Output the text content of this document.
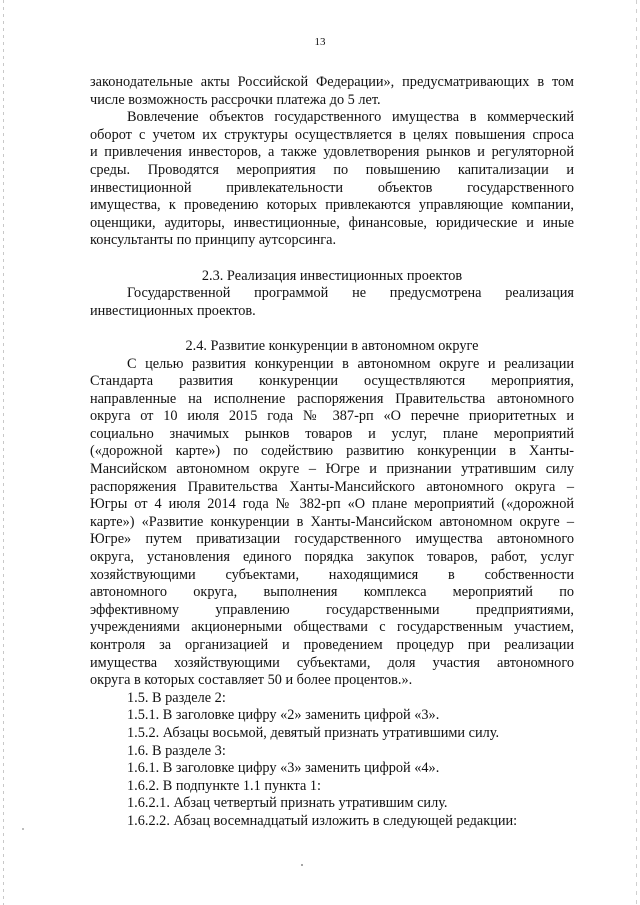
13

законодательные акты Российской Федерации», предусматривающих в том

числе возможность рассрочки платежа до 5 лет.

Вовлечение объектов государственного имущества в коммерческий

оборот с учетом их структуры осуществляется в целях повышения спроса

и привлечения инвесторов, а также удовлетворения рынков и регуляторной

среды. Проводятся мероприятия по повышению капитализации и

инвестиционной привлекательности объектов государственного

имущества, к проведению которых привлекаются управляющие компании,

оценщики, аудиторы, инвестиционные, финансовые, юридические и иные

консультанты по принципу аутсорсинга.

2.3. Реализация инвестиционных проектов

Государственной программой не предусмотрена реализация

инвестиционных проектов.

2.4. Развитие конкуренции в автономном округе

С целью развития конкуренции в автономном округе и реализации

Стандарта развития конкуренции осуществляются мероприятия,

направленные на исполнение распоряжения Правительства автономного

округа от 10 июля 2015 года № 387-рп «О перечне приоритетных и

социально значимых рынков товаров и услуг, плане мероприятий

(«дорожной карте») по содействию развитию конкуренции в Ханты-

Мансийском автономном округе – Югре и признании утратившим силу

распоряжения Правительства Ханты-Мансийского автономного округа –

Югры от 4 июля 2014 года № 382-рп «О плане мероприятий («дорожной

карте») «Развитие конкуренции в Ханты-Мансийском автономном округе –

Югре» путем приватизации государственного имущества автономного

округа, установления единого порядка закупок товаров, работ, услуг

хозяйствующими субъектами, находящимися в собственности

автономного округа, выполнения комплекса мероприятий по

эффективному управлению государственными предприятиями,

учреждениями акционерными обществами с государственным участием,

контроля за организацией и проведением процедур при реализации

имущества хозяйствующими субъектами, доля участия автономного

округа в которых составляет 50 и более процентов.».

1.5. В разделе 2:

1.5.1. В заголовке цифру «2» заменить цифрой «3».

1.5.2. Абзацы восьмой, девятый признать утратившими силу.

1.6. В разделе 3:

1.6.1. В заголовке цифру «3» заменить цифрой «4».

1.6.2. В подпункте 1.1 пункта 1:

1.6.2.1. Абзац четвертый признать утратившим силу.

1.6.2.2. Абзац восемнадцатый изложить в следующей редакции:
